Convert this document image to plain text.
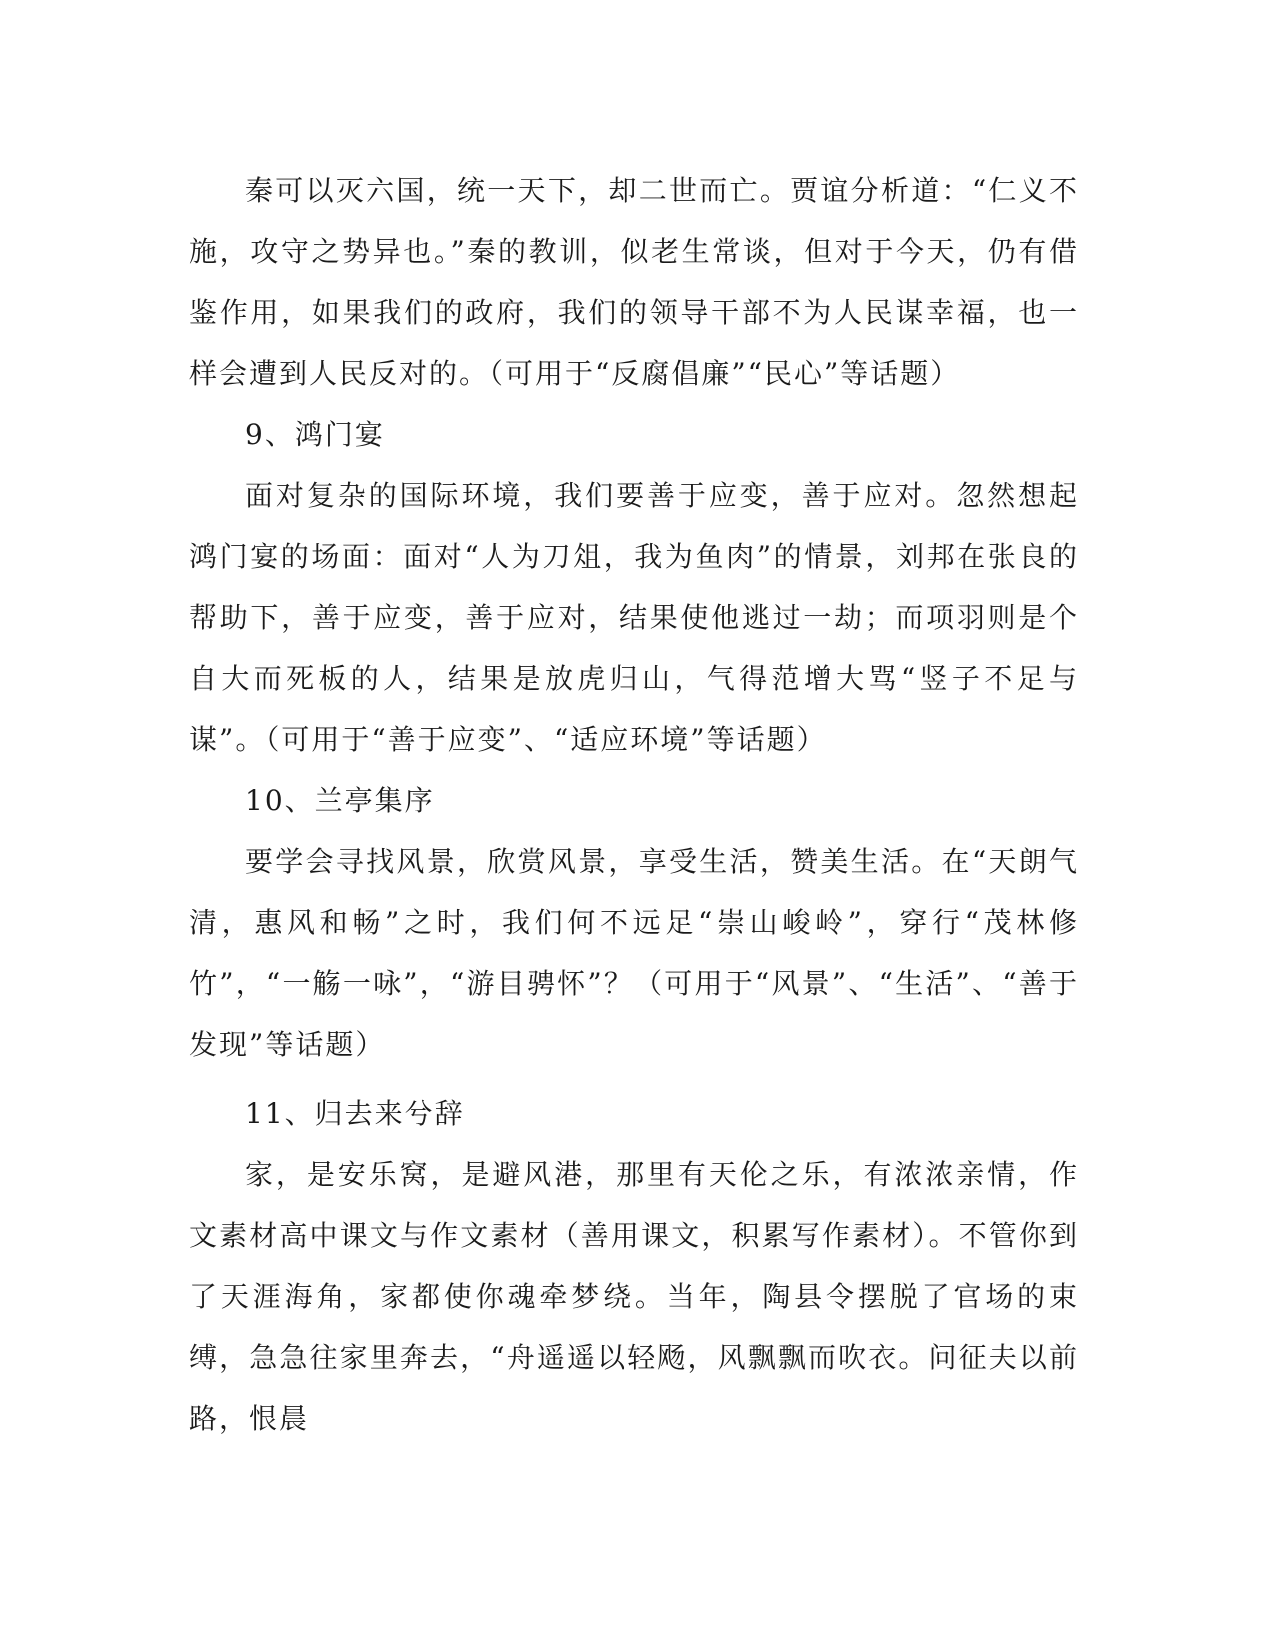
秦可以灭六国，统一天下，却二世而亡。贾谊分析道：“仁义不施，攻守之势异也。”秦的教训，似老生常谈，但对于今天，仍有借鉴作用，如果我们的政府，我们的领导干部不为人民谋幸福，也一样会遭到人民反对的。（可用于“反腐倡廉”“民心”等话题）

9、鸿门宴

面对复杂的国际环境，我们要善于应变，善于应对。忽然想起鸿门宴的场面：面对“人为刀俎，我为鱼肉”的情景，刘邦在张良的帮助下，善于应变，善于应对，结果使他逃过一劫；而项羽则是个自大而死板的人，结果是放虎归山，气得范增大骂“竖子不足与谋”。（可用于“善于应变”、“适应环境”等话题）

10、兰亭集序

要学会寻找风景，欣赏风景，享受生活，赞美生活。在“天朗气清，惠风和畅”之时，我们何不远足“崇山峻岭”，穿行“茂林修竹”，“一觞一咏”，“游目骋怀”？（可用于“风景”、“生活”、“善于发现”等话题）

11、归去来兮辞

家，是安乐窝，是避风港，那里有天伦之乐，有浓浓亲情，作文素材高中课文与作文素材（善用课文，积累写作素材）。不管你到了天涯海角，家都使你魂牵梦绕。当年，陶县令摆脱了官场的束缚，急急往家里奔去，“舟遥遥以轻飏，风飘飘而吹衣。问征夫以前路，恨晨
